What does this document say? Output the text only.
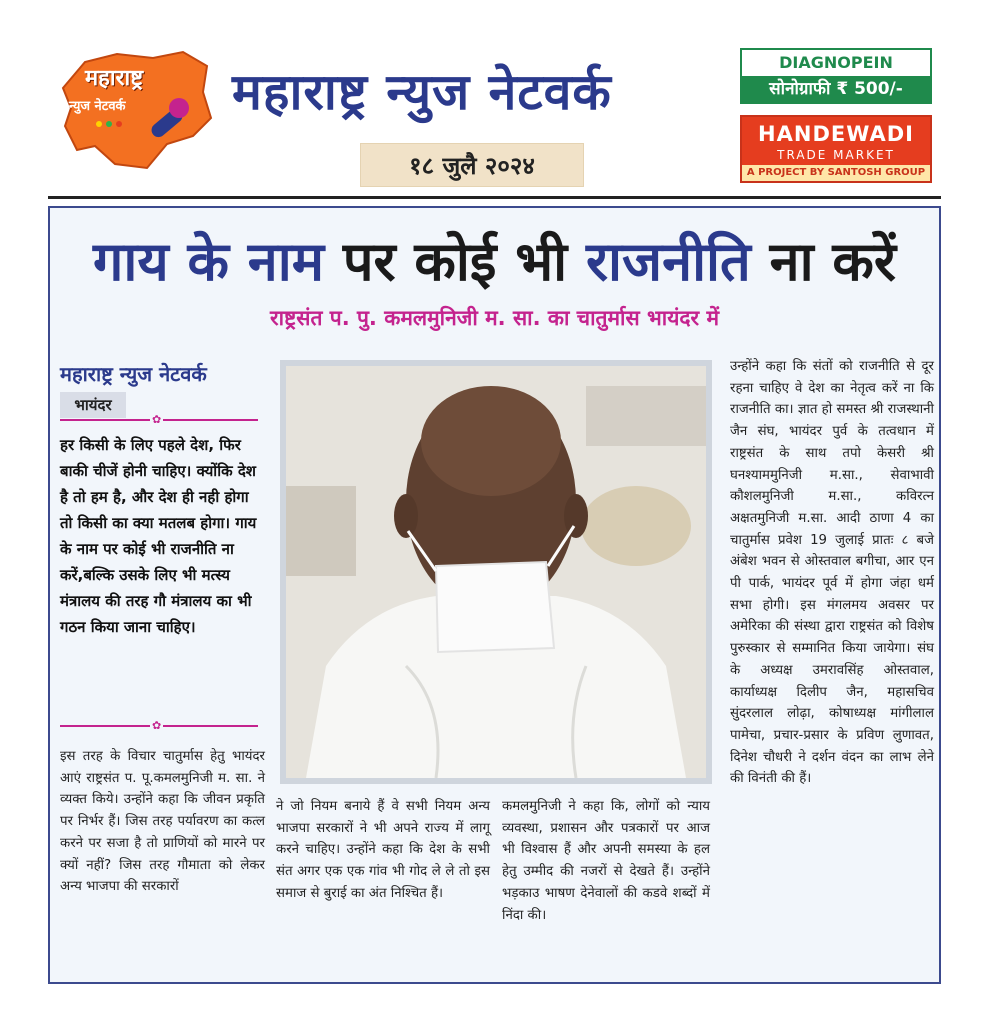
महाराष्ट्र
न्युज नेटवर्क महाराष्ट्र न्युज नेटवर्क
१८ जुलै २०२४
DIAGNOPEIN
सोनोग्राफी ₹ 500/-
HANDEWADI
TRADE MARKET
A PROJECT BY SANTOSH GROUP
गाय के नाम पर कोई भी राजनीति ना करें
राष्ट्रसंत प. पु. कमलमुनिजी म. सा. का चातुर्मास भायंदर में
महाराष्ट्र न्युज नेटवर्क
भायंदर
✿
हर किसी के लिए पहले देश, फिर बाकी चीजें होनी चाहिए। क्योंकि देश है तो हम है, और देश ही नही होगा तो किसी का क्या मतलब होगा। गाय के नाम पर कोई भी राजनीति ना करें,बल्कि उसके लिए भी मत्स्य मंत्रालय की तरह गौ मंत्रालय का भी गठन किया जाना चाहिए।
✿
इस तरह के विचार चातुर्मास हेतु भायंदर आएं राष्ट्रसंत प. पू.कमलमुनिजी म. सा. ने व्यक्त किये। उन्होंने कहा कि जीवन प्रकृति पर निर्भर हैं। जिस तरह पर्यावरण का कत्ल करने पर सजा है तो प्राणियों को मारने पर क्यों नहीं? जिस तरह गौमाता को लेकर अन्य भाजपा की सरकारों
ने जो नियम बनाये हैं वे सभी नियम अन्य भाजपा सरकारों ने भी अपने राज्य में लागू करने चाहिए। उन्होंने कहा कि देश के सभी संत अगर एक एक गांव भी गोद ले ले तो इस समाज से बुराई का अंत निश्चित हैं।
कमलमुनिजी ने कहा कि, लोगों को न्याय व्यवस्था, प्रशासन और पत्रकारों पर आज भी विश्वास हैं और अपनी समस्या के हल हेतु उम्मीद की नजरों से देखते हैं। उन्होंने भड़काउ भाषण देनेवालों की कडवे शब्दों में निंदा की।
उन्होंने कहा कि संतों को राजनीति से दूर रहना चाहिए वे देश का नेतृत्व करें ना कि राजनीति का। ज्ञात हो समस्त श्री राजस्थानी जैन संघ, भायंदर पुर्व के तत्वधान में राष्ट्रसंत के साथ तपो केसरी श्री घनश्याममुनिजी म.सा., सेवाभावी कौशलमुनिजी म.सा., कविरत्न अक्षतमुनिजी म.सा. आदी ठाणा 4 का चातुर्मास प्रवेश 19 जुलाई प्रातः ८ बजे अंबेश भवन से ओस्तवाल बगीचा, आर एन पी पार्क, भायंदर पूर्व में होगा जंहा धर्म सभा होगी। इस मंगलमय अवसर पर अमेरिका की संस्था द्वारा राष्ट्रसंत को विशेष पुरुस्कार से सम्मानित किया जायेगा। संघ के अध्यक्ष उमरावसिंह ओस्तवाल, कार्याध्यक्ष दिलीप जैन, महासचिव सुंदरलाल लोढ़ा, कोषाध्यक्ष मांगीलाल पामेचा, प्रचार-प्रसार के प्रविण लुणावत, दिनेश चौधरी ने दर्शन वंदन का लाभ लेने की विनंती की हैं।
